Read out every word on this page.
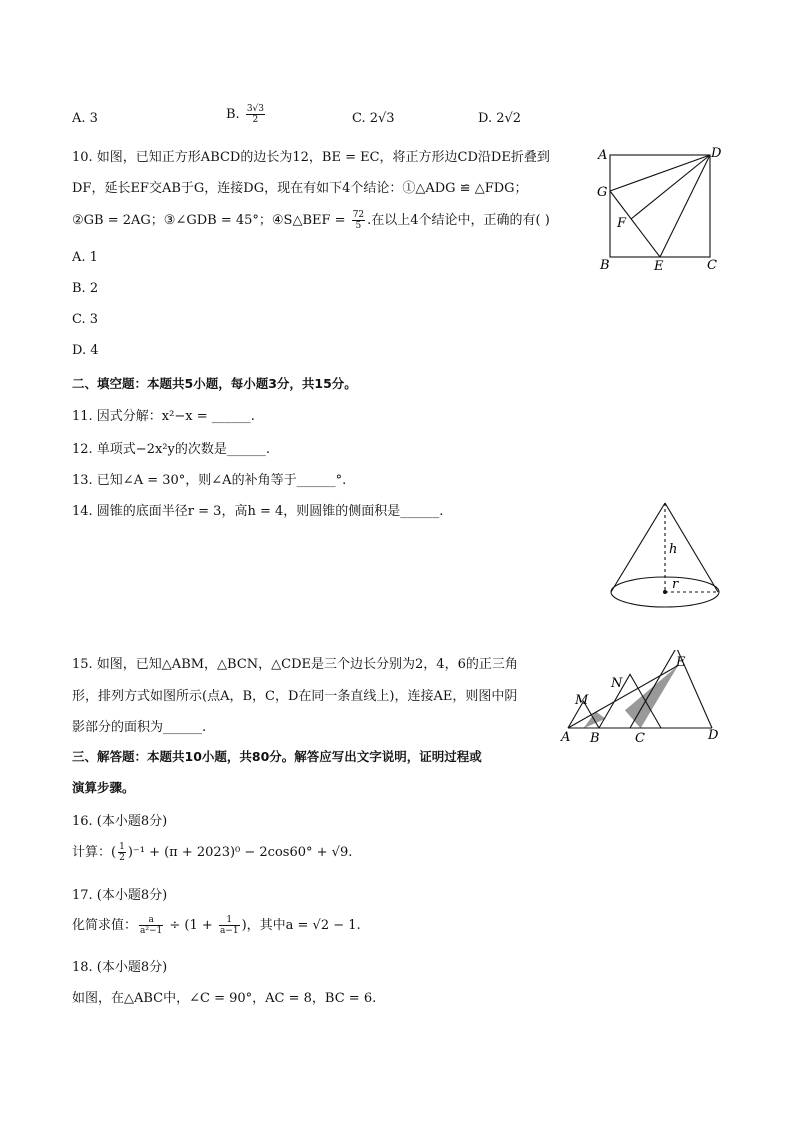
A. 3	B. $\frac{3√3}{2}$	C. 2√3	D. 2√2
10. 如图，已知正方形ABCD的边长为12，BE = EC，将正方形边CD沿DE折叠到
DF，延长EF交AB于G，连接DG，现在有如下4个结论：①△ADG ≌ △FDG；
②GB = 2AG；③∠GDB = 45°；④S△BEF = $\frac{72}{5}$ .在以上4个结论中，正确的有( )
A. 1
B. 2
C. 3
D. 4
A	D
G
F
B	E	C
二、填空题：本题共5小题，每小题3分，共15分。
11. 因式分解：x²−x = ______.
12. 单项式−2x²y的次数是______.
13. 已知∠A = 30°，则∠A的补角等于______°.
14. 圆锥的底面半径r = 3，高h = 4，则圆锥的侧面积是______.
h
r
15. 如图，已知△ABM，△BCN，△CDE是三个边长分别为2，4，6的正三角
形，排列方式如图所示(点A，B，C，D在同一条直线上)，连接AE，则图中阴
影部分的面积为______.
E
N
M
A B	C	D
三、解答题：本题共10小题，共80分。解答应写出文字说明，证明过程或
演算步骤。
16. (本小题8分)
计算：( $\frac{1}{2} )^{-1} + (\pi + 2023)^0 - 2\cos 60^\circ + √9$.
17. (本小题8分)
化简求值： $\frac{a}{\text{a²−1}} \div (1 + \frac{1}{a-1}$ )，其中a = √2 − 1.
18. (本小题8分)
如图，在△ABC中，∠C = 90°，AC = 8，BC = 6.
